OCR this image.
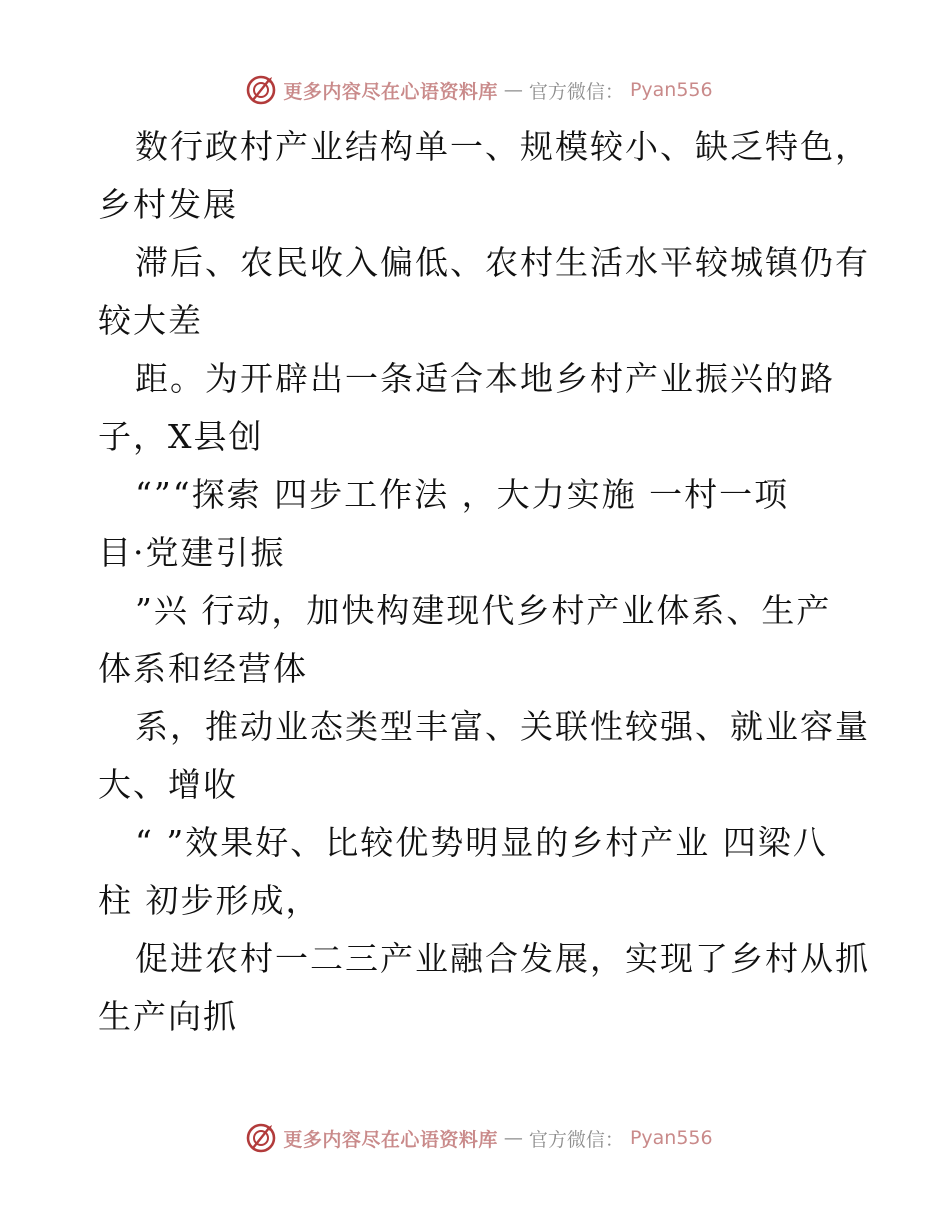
更多内容尽在心语资料库 — 官方微信： Pyan556
数行政村产业结构单一、规模较小、缺乏特色，
乡村发展
滞后、农民收入偏低、农村生活水平较城镇仍有
较大差
距。为开辟出一条适合本地乡村产业振兴的路
子，X县创
“”“探索 四步工作法 ，大力实施 一村一项
目·党建引振
”兴 行动，加快构建现代乡村产业体系、生产
体系和经营体
系，推动业态类型丰富、关联性较强、就业容量
大、增收
“ ”效果好、比较优势明显的乡村产业 四梁八
柱 初步形成，
促进农村一二三产业融合发展，实现了乡村从抓
生产向抓
更多内容尽在心语资料库 — 官方微信： Pyan556
